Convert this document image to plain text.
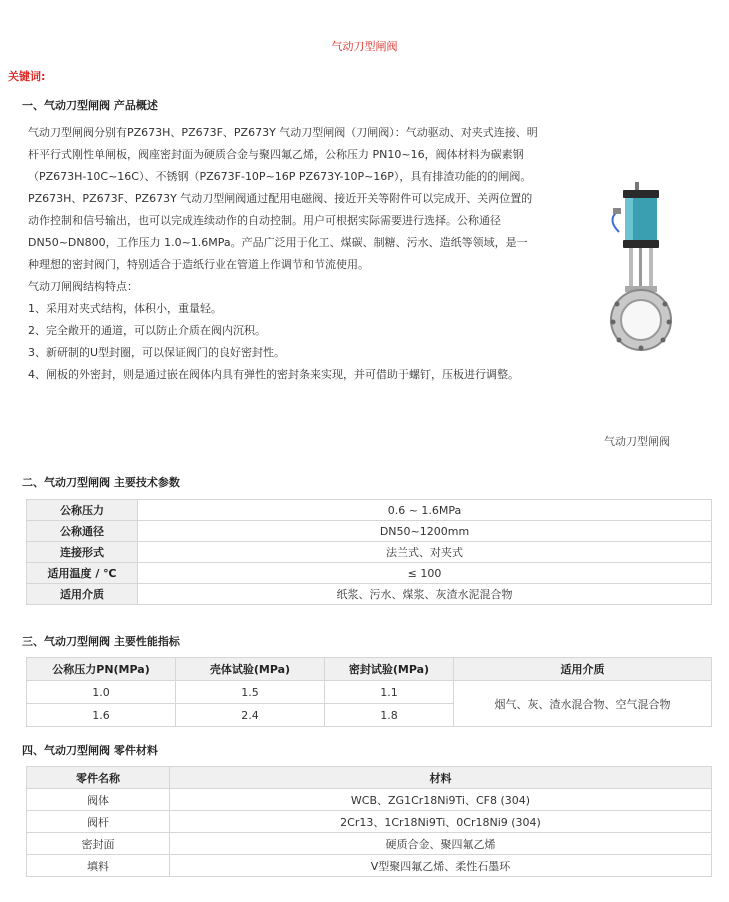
气动刀型闸阀
关键词:
一、气动刀型闸阀 产品概述

气动刀型闸阀分别有PZ673H、PZ673F、PZ673Y 气动刀型闸阀（刀闸阀）：气动驱动、对夹式连接、明杆平行式刚性单闸板，阀座密封面为硬质合金与聚四氟乙烯，公称压力 PN10~16，阀体材料为碳素钢（PZ673H-10C~16C）、不锈钢（PZ673F-10P~16P PZ673Y-10P~16P），具有排渣功能的的闸阀。

PZ673H、PZ673F、PZ673Y 气动刀型闸阀通过配用电磁阀、接近开关等附件可以完成开、关两位置的动作控制和信号输出，也可以完成连续动作的自动控制。用户可根据实际需要进行选择。公称通径 DN50~DN800，工作压力 1.0~1.6MPa。产品广泛用于化工、煤碳、制糖、污水、造纸等领域，是一种理想的密封阀门，特别适合于造纸行业在管道上作调节和节流使用。

气动刀闸阀结构特点：

1、采用对夹式结构，体积小，重量轻。

2、完全敞开的通道，可以防止介质在阀内沉积。

3、新研制的U型封圈，可以保证阀门的良好密封性。

4、闸板的外密封，则是通过嵌在阀体内具有弹性的密封条来实现，并可借助于螺钉，压板进行调整。

气动刀型闸阀
二、气动刀型闸阀 主要技术参数
公称压力	0.6 ~ 1.6MPa
公称通径	DN50~1200mm
连接形式	法兰式、对夹式
适用温度 / ℃	≤ 100
适用介质	纸浆、污水、煤浆、灰渣水泥混合物
三、气动刀型闸阀 主要性能指标
公称压力PN(MPa)	壳体试验(MPa)	密封试验(MPa)	适用介质
1.0	1.5	1.1	烟气、灰、渣水混合物、空气混合物
1.6	2.4	1.8	
四、气动刀型闸阀 零件材料
零件名称	材料
阀体	WCB、ZG1Cr18Ni9Ti、CF8 (304)
阀杆	2Cr13、1Cr18Ni9Ti、0Cr18Ni9 (304)
密封面	硬质合金、聚四氟乙烯
填料	V型聚四氟乙烯、柔性石墨环
